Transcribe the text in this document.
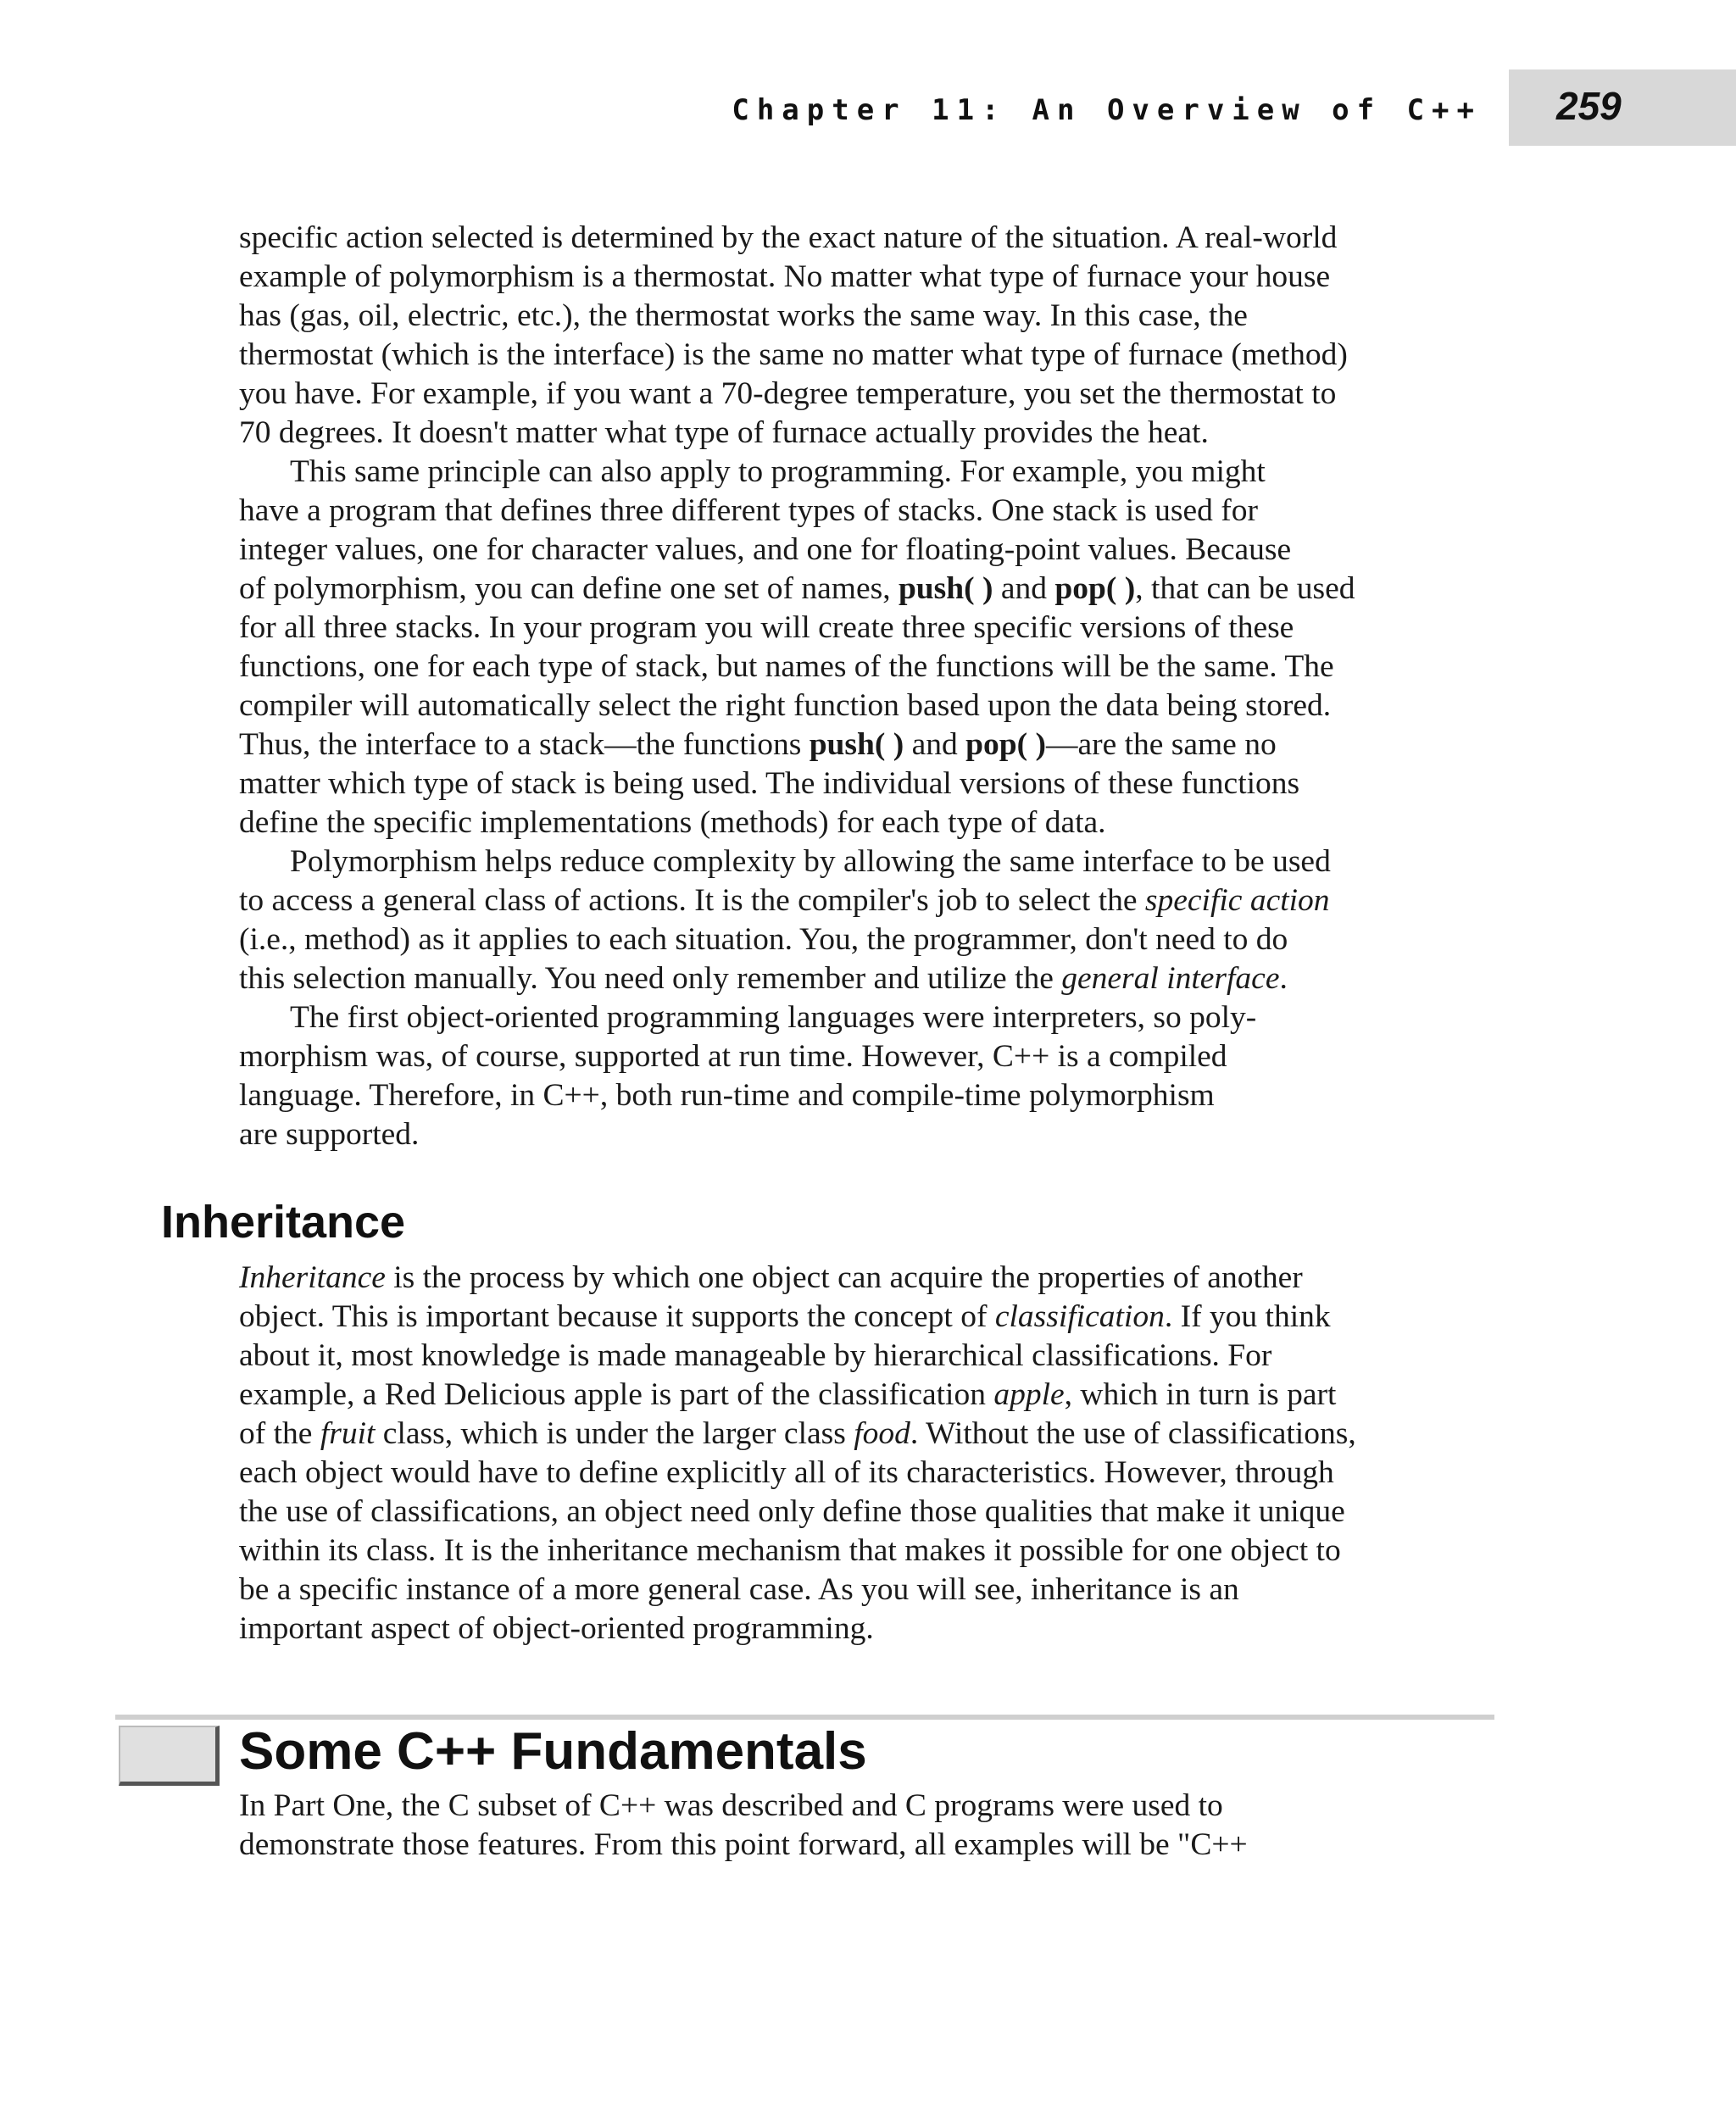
Chapter 11: An Overview of C++ 259

specific action selected is determined by the exact nature of the situation. A real-world
example of polymorphism is a thermostat. No matter what type of furnace your house
has (gas, oil, electric, etc.), the thermostat works the same way. In this case, the
thermostat (which is the interface) is the same no matter what type of furnace (method)
you have. For example, if you want a 70-degree temperature, you set the thermostat to
70 degrees. It doesn't matter what type of furnace actually provides the heat.

This same principle can also apply to programming. For example, you might
have a program that defines three different types of stacks. One stack is used for
integer values, one for character values, and one for floating-point values. Because
of polymorphism, you can define one set of names, push( ) and pop( ), that can be used
for all three stacks. In your program you will create three specific versions of these
functions, one for each type of stack, but names of the functions will be the same. The
compiler will automatically select the right function based upon the data being stored.
Thus, the interface to a stack—the functions push( ) and pop( )—are the same no
matter which type of stack is being used. The individual versions of these functions
define the specific implementations (methods) for each type of data.

Polymorphism helps reduce complexity by allowing the same interface to be used
to access a general class of actions. It is the compiler's job to select the specific action
(i.e., method) as it applies to each situation. You, the programmer, don't need to do
this selection manually. You need only remember and utilize the general interface.

The first object-oriented programming languages were interpreters, so poly-
morphism was, of course, supported at run time. However, C++ is a compiled
language. Therefore, in C++, both run-time and compile-time polymorphism
are supported.

Inheritance

Inheritance is the process by which one object can acquire the properties of another
object. This is important because it supports the concept of classification. If you think
about it, most knowledge is made manageable by hierarchical classifications. For
example, a Red Delicious apple is part of the classification apple, which in turn is part
of the fruit class, which is under the larger class food. Without the use of classifications,
each object would have to define explicitly all of its characteristics. However, through
the use of classifications, an object need only define those qualities that make it unique
within its class. It is the inheritance mechanism that makes it possible for one object to
be a specific instance of a more general case. As you will see, inheritance is an
important aspect of object-oriented programming.

Some C++ Fundamentals

In Part One, the C subset of C++ was described and C programs were used to
demonstrate those features. From this point forward, all examples will be "C++
